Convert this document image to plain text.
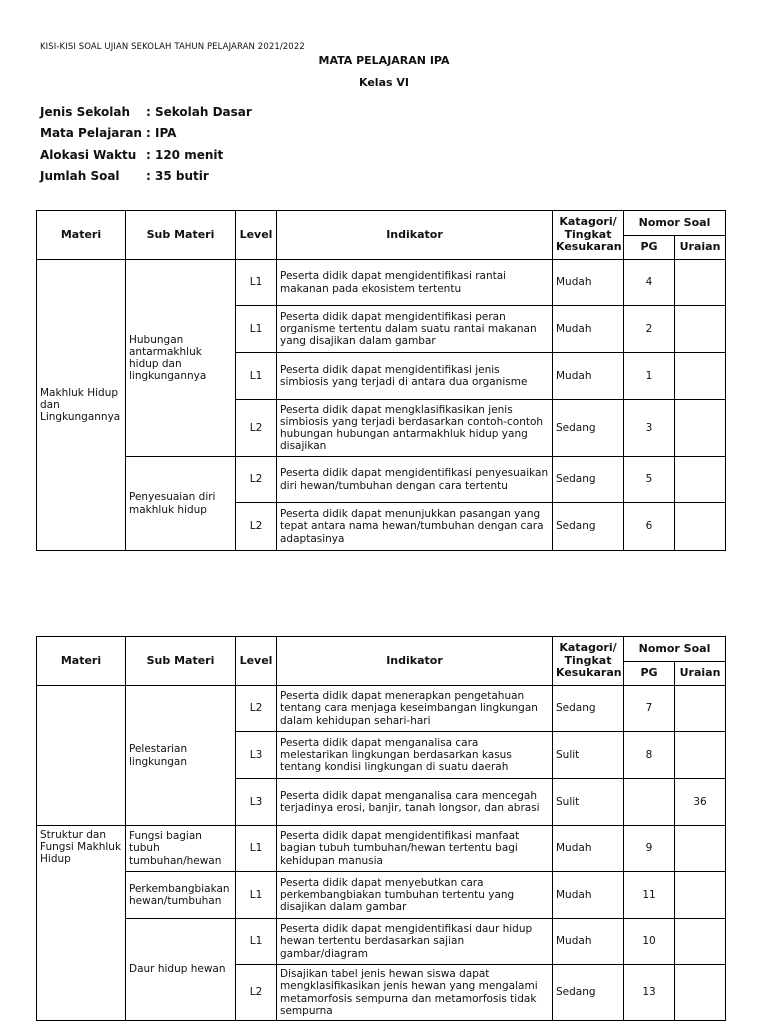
KISI-KISI SOAL UJIAN SEKOLAH TAHUN PELAJARAN 2021/2022
MATA PELAJARAN IPA
Kelas VI
Jenis Sekolah	: Sekolah Dasar
Mata Pelajaran : IPA
Alokasi Waktu : 120 menit
Jumlah Soal	: 35 butir
Materi	Sub Materi	Level	Indikator	Katagori/ Tingkat Kesukaran	Nomor Soal	
					PG	Uraian
Makhluk Hidup dan Lingkungannya	Hubungan antarmakhluk hidup dan lingkungannya	L1	Peserta didik dapat mengidentifikasi rantai makanan pada ekosistem tertentu	Mudah	4	
		L1	Peserta didik dapat mengidentifikasi peran organisme tertentu dalam suatu rantai makanan yang disajikan dalam gambar	Mudah	2	
		L1	Peserta didik dapat mengidentifikasi jenis simbiosis yang terjadi di antara dua organisme	Mudah	1	
		L2	Peserta didik dapat mengklasifikasikan jenis simbiosis yang terjadi berdasarkan contoh-contoh hubungan hubungan antarmakhluk hidup yang disajikan	Sedang	3	
	Penyesuaian diri makhluk hidup	L2	Peserta didik dapat mengidentifikasi penyesuaikan diri hewan/tumbuhan dengan cara tertentu	Sedang	5	
		L2	Peserta didik dapat menunjukkan pasangan yang tepat antara nama hewan/tumbuhan dengan cara adaptasinya	Sedang	6	
Materi	Sub Materi	Level	Indikator	Katagori/ Tingkat Kesukaran	Nomor Soal	
					PG	Uraian
	Pelestarian lingkungan	L2	Peserta didik dapat menerapkan pengetahuan tentang cara menjaga keseimbangan lingkungan dalam kehidupan sehari-hari	Sedang	7	
		L3	Peserta didik dapat menganalisa cara melestarikan lingkungan berdasarkan kasus tentang kondisi lingkungan di suatu daerah	Sulit	8	
		L3	Peserta didik dapat menganalisa cara mencegah terjadinya erosi, banjir, tanah longsor, dan abrasi	Sulit		36
Struktur dan Fungsi Makhluk Hidup	Fungsi bagian tubuh tumbuhan/hewan	L1	Peserta didik dapat mengidentifikasi manfaat bagian tubuh tumbuhan/hewan tertentu bagi kehidupan manusia	Mudah	9	
	Perkembangbiakan hewan/tumbuhan	L1	Peserta didik dapat menyebutkan cara perkembangbiakan tumbuhan tertentu yang disajikan dalam gambar	Mudah	11	
	Daur hidup hewan	L1	Peserta didik dapat mengidentifikasi daur hidup hewan tertentu berdasarkan sajian gambar/diagram	Mudah	10	
		L2	Disajikan tabel jenis hewan siswa dapat mengklasifikasikan jenis hewan yang mengalami metamorfosis sempurna dan metamorfosis tidak sempurna	Sedang	13	
